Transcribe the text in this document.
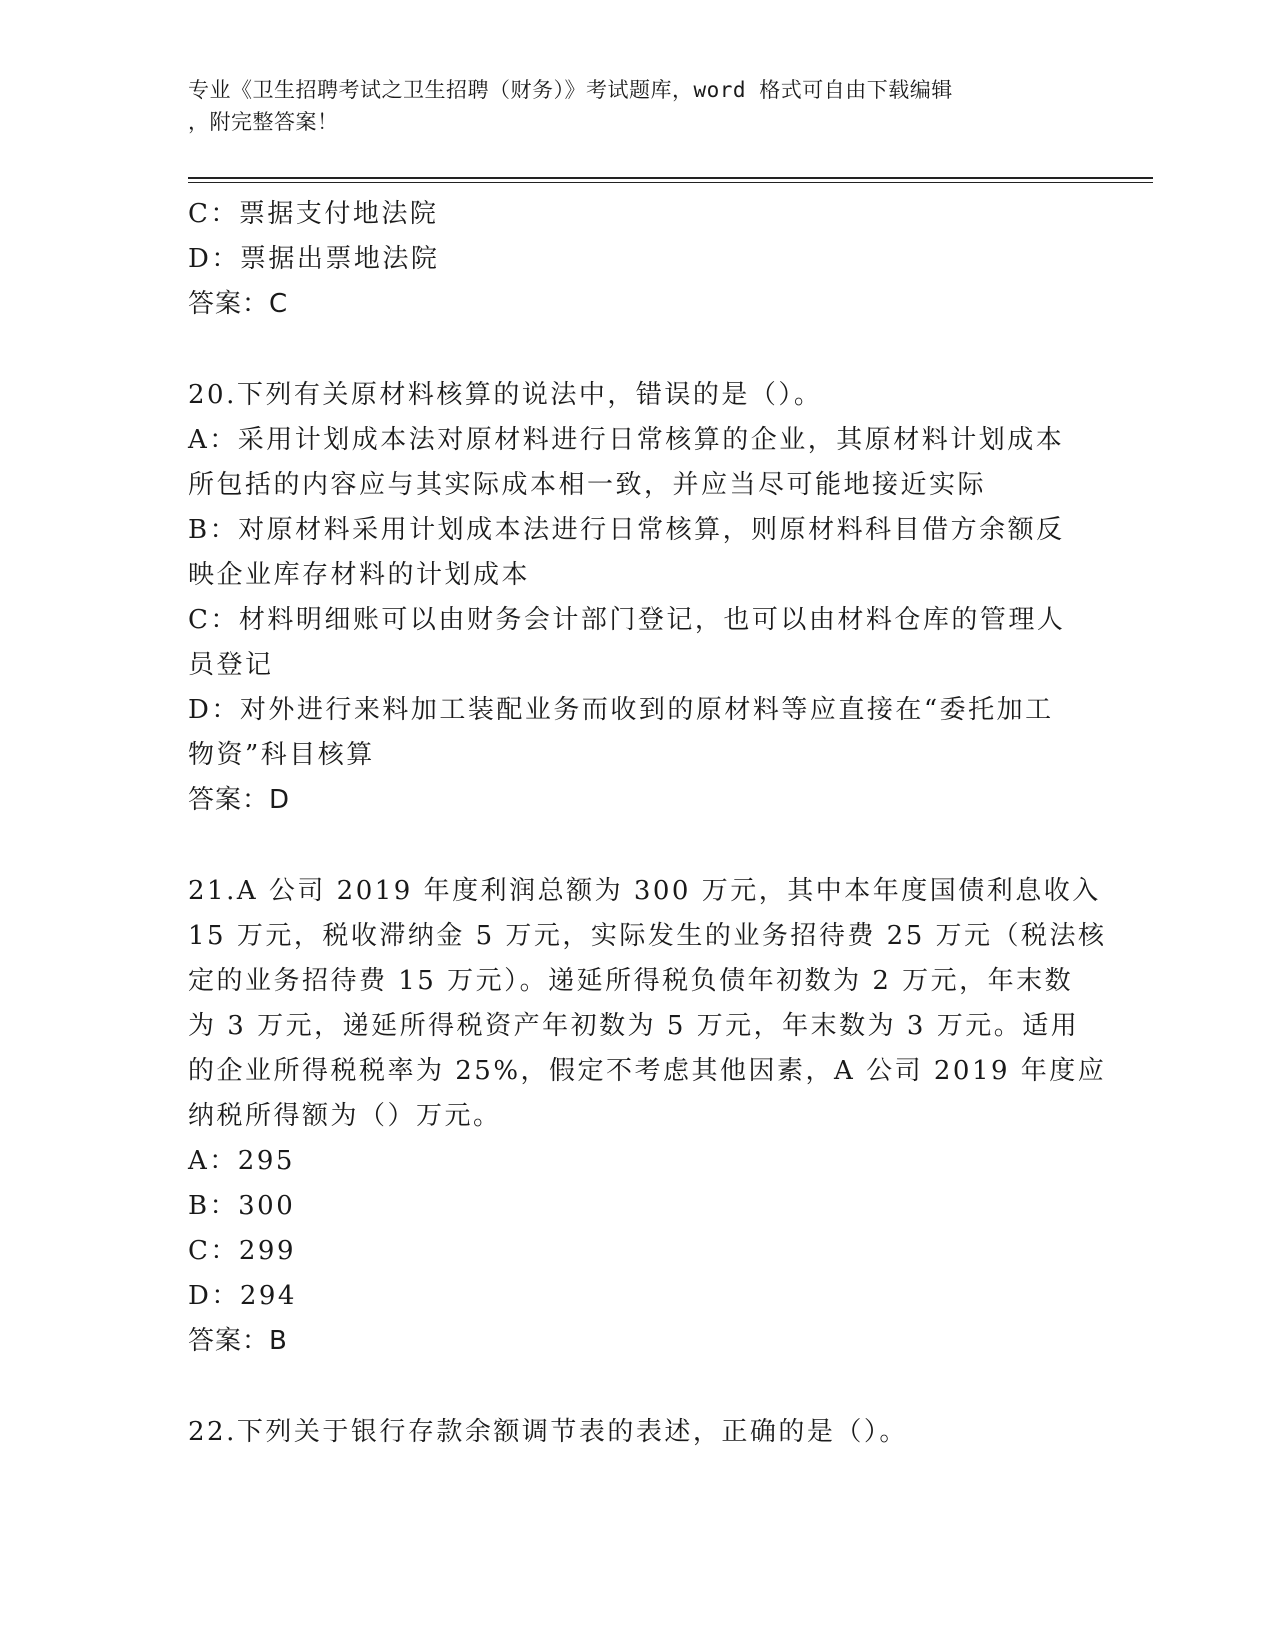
专业《卫生招聘考试之卫生招聘（财务）》考试题库，word 格式可自由下载编辑
，附完整答案！
C：票据支付地法院
D：票据出票地法院
答案：C
20.下列有关原材料核算的说法中，错误的是（）。
A：采用计划成本法对原材料进行日常核算的企业，其原材料计划成本
所包括的内容应与其实际成本相一致，并应当尽可能地接近实际
B：对原材料采用计划成本法进行日常核算，则原材料科目借方余额反
映企业库存材料的计划成本
C：材料明细账可以由财务会计部门登记，也可以由材料仓库的管理人
员登记
D：对外进行来料加工装配业务而收到的原材料等应直接在“委托加工
物资”科目核算
答案：D
21.A 公司 2019 年度利润总额为 300 万元，其中本年度国债利息收入
15 万元，税收滞纳金 5 万元，实际发生的业务招待费 25 万元（税法核
定的业务招待费 15 万元）。递延所得税负债年初数为 2 万元，年末数
为 3 万元，递延所得税资产年初数为 5 万元，年末数为 3 万元。适用
的企业所得税税率为 25%，假定不考虑其他因素，A 公司 2019 年度应
纳税所得额为（）万元。
A：295
B：300
C：299
D：294
答案：B
22.下列关于银行存款余额调节表的表述，正确的是（）。
